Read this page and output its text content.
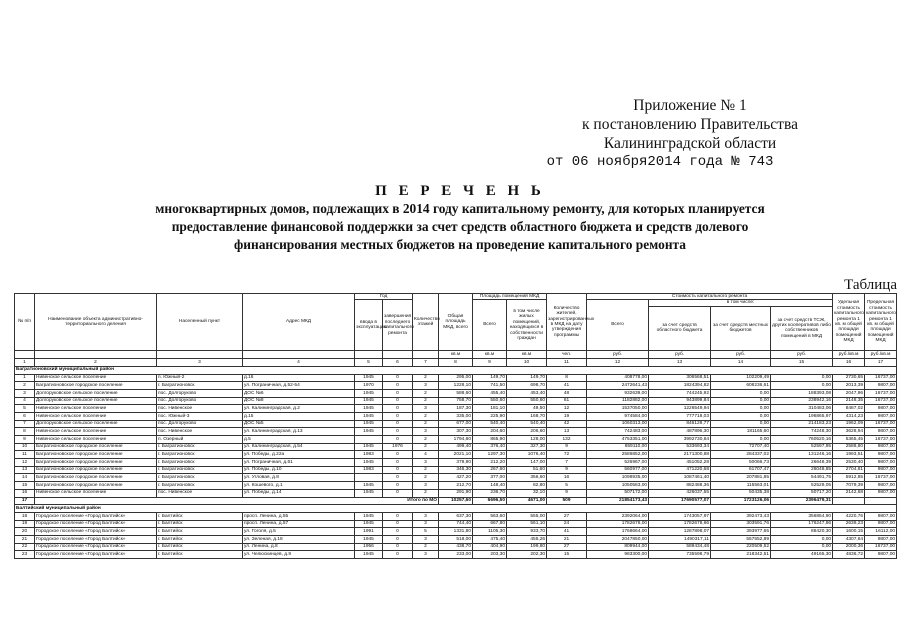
Приложение № 1
к постановлению Правительства
Калининградской области
от 06 ноября2014 года № 743
П Е Р Е Ч Е Н Ь
многоквартирных домов, подлежащих в 2014 году капитальному ремонту, для которых планируется предоставление финансовой поддержки за счет средств областного бюджета и средств долевого финансирования местных бюджетов на проведение капитального ремонта
Таблица
№ п/п	Наименование объекта административно-территориального деления	Населенный пункт	Адрес МКД	Год		Количество этажей	Общая площадь МКД, всего	Площадь помещений МКД		Количество жителей, зарегистрированных в МКД на дату утверждения программы	Стоимость капитального ремонта				Удельная стоимость капитального ремонта 1 кв. м общей площади помещений МКД	Предельная стоимость капитального ремонта 1 кв. м общей площади помещений МКД
				ввода в эксплуатацию	завершения последнего капитального ремонта			Всего	в том числе жилых помещений, находящихся в собственности граждан		Всего	в том числе:				
												за счет средств областного бюджета	за счет средств местных бюджетов	за счет средств ТСЖ, других кооперативов либо собственников помещений в МКД		
							кв.м	кв.м	кв.м	чел.	руб.	руб.	руб.	руб.	руб./кв.м	руб./кв.м
1	2	3	4	5	6	7	8	9	10	11	12	13	14	15	16	17
Багратионовский муниципальный район																
1	Нивенское сельское поселение	п. Южный-2	д.16	1945	0	2	295,00	149,70	149,70	8	408778,00	306568,51	102209,49	0,00	2730,65	16737,00
2	Багратионовское городское поселение	г. Багратионовск	ул. Пограничная, д.52-54	1970	0	3	1228,10	741,50	698,70	41	2472641,43	1824394,82	608236,61	0,00	2013,39	9807,00
3	Долгоруковское сельское поселение	пос. Долгоруково	ДОС №6	1945	0	2	588,60	455,40	453,40	48	932639,00	744245,92	0,00	188393,08	2047,96	16737,00
4	Долгоруковское сельское поселение	пос. Долгоруково	ДОС №8	1945	0	2	758,70	550,60	550,60	61	1182882,00	943899,84	0,00	238942,16	2148,35	16737,00
5	Нивенское сельское поселение	пос. Нивенское	ул. Калининградская, д.2	1945	0	3	187,30	181,10	49,50	12	1537050,00	1226549,94	0,00	310483,06	8487,02	9807,00
6	Нивенское сельское поселение	пос. Южный-3	д.15	1945	0	2	335,00	225,90	168,70	19	974584,00	777718,03	0,00	196865,97	4314,23	9807,00
7	Долгоруковское сельское поселение	пос. Долгоруково	ДОС №5	1945	0	2	677,00	540,40	540,40	42	1060313,00	846129,77	0,00	214183,23	1962,09	16737,00
8	Нивенское сельское поселение	пос. Нивенское	ул. Калининградская, д.13	1945	0	3	307,30	204,60	206,60	13	742483,00	487896,30	181165,60	74248,30	3628,94	9807,00
9	Нивенское сельское поселение	п. Озерный	д.5		0	2	1794,60	865,90	128,00	132	4753351,00	3992730,84	0,00	760520,16	5365,45	16737,00
10	Багратионовское городское поселение	г. Багратионовск	ул. Калининградская, д.54	1945	1976	2	499,40	376,40	327,30	9	659110,00	533693,34	72707,40	52597,95	2588,80	9807,00
11	Багратионовское городское поселение	г. Багратионовск	ул. Победы, д.22а	1983	0	4	2021,10	1297,30	1076,40	72	2586852,00	2171300,88	284337,02	131246,16	1993,51	9807,00
12	Багратионовское городское поселение	г. Багратионовск	ул. Пограничная, д.61	1945	0	3	379,90	212,20	147,00	7	526967,00	451052,28	50066,73	26648,39	2530,40	9807,00
13	Багратионовское городское поселение	г. Багратионовск	ул. Победы, д.10	1983	0	2	346,30	267,60	51,60	9	560977,00	471220,68	61707,47	28048,85	2704,81	9807,00
14	Багратионовское городское поселение	г. Багратионовск	ул. Угловая, д.8		0	2	427,20	377,00	356,60	16	1098935,00	1087461,40	207881,85	54491,75	5912,85	16737,00
15	Багратионовское городское поселение	г. Багратионовск	ул. Кошевого, д.1	1945	0	3	212,70	148,40	82,80	5	1050583,00	882488,36	115563,01	52529,05	7079,39	9807,00
16	Нивенское сельское поселение	пос. Нивенское	ул. Победы, д.14	1945	0	2	291,90	236,70	32,10	9	507172,00	426037,55	50435,38	50717,20	2142,68	9807,00
17	Итого по МО						10257,60	6696,50	4671,00	509	21854173,43	17690577,07	1723126,06	2396479,31		
Балтийский муниципальный район																
18	Городское поселение «Город Балтийск»	г. Балтийск	просп. Ленина, д.55	1945	0	3	637,30	563,60	555,00	27	2392064,00	1743057,97	392473,43	356854,90	4220,76	9807,00
19	Городское поселение «Город Балтийск»	г. Балтийск	просп. Ленина, д.57	1945	0	3	744,40	667,80	561,10	24	1782678,00	1782678,66	303591,76	176247,86	2639,23	9807,00
20	Городское поселение «Город Балтийск»	г. Балтийск	ул. Гоголя, д.5	1991	0	5	1331,80	1105,30	933,70	41	1768664,00	1287898,07	393977,65	88420,30	1600,15	16112,00
21	Городское поселение «Город Балтийск»	г. Балтийск	ул. Зеленая, д.18	1945	0	3	518,00	475,40	455,26	21	2047850,00	1490317,11	557552,89	0,00	4307,64	9807,00
22	Городское поселение «Город Балтийск»	г. Балтийск	ул. Ленина, д.8	1956	0	2	438,70	404,90	199,80	27	809944,00	589434,48	220509,52	0,00	2000,36	16737,00
23	Городское поселение «Город Балтийск»	г. Балтийск	ул. Челюскинцев, д.9	1945	0	3	233,00	203,30	202,30	15	983300,00	735598,79	218342,51	49165,30	4836,72	9807,00
